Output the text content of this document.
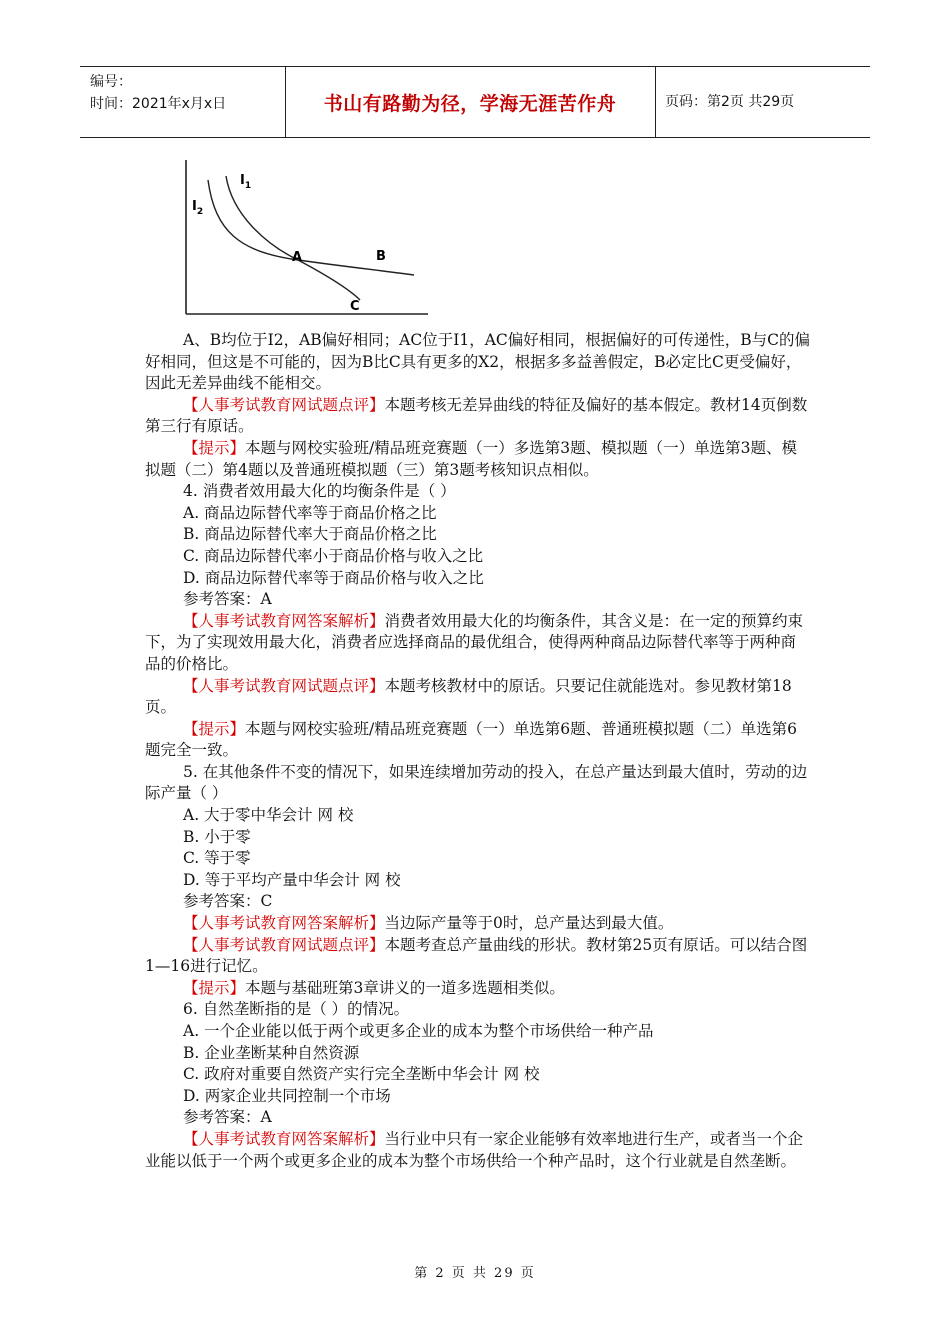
编号：
时间：2021年x月x日	书山有路勤为径，学海无涯苦作舟	页码：第2页 共29页
$I_1$
$I_2$
A	B
C

A、B均位于I2，AB偏好相同；AC位于I1，AC偏好相同，根据偏好的可传递性，B与C的偏好相同，但这是不可能的，因为B比C具有更多的X2，根据多多益善假定，B必定比C更受偏好，因此无差异曲线不能相交。

【人事考试教育网试题点评】本题考核无差异曲线的特征及偏好的基本假定。教材14页倒数第三行有原话。

【提示】本题与网校实验班/精品班竞赛题（一）多选第3题、模拟题（一）单选第3题、模拟题（二）第4题以及普通班模拟题（三）第3题考核知识点相似。

4. 消费者效用最大化的均衡条件是（ ）

A. 商品边际替代率等于商品价格之比

B. 商品边际替代率大于商品价格之比

C. 商品边际替代率小于商品价格与收入之比

D. 商品边际替代率等于商品价格与收入之比

参考答案：A

【人事考试教育网答案解析】消费者效用最大化的均衡条件，其含义是：在一定的预算约束下，为了实现效用最大化，消费者应选择商品的最优组合，使得两种商品边际替代率等于两种商品的价格比。

【人事考试教育网试题点评】本题考核教材中的原话。只要记住就能选对。参见教材第18页。

【提示】本题与网校实验班/精品班竞赛题（一）单选第6题、普通班模拟题（二）单选第6题完全一致。

5. 在其他条件不变的情况下，如果连续增加劳动的投入，在总产量达到最大值时，劳动的边际产量（ ）

A. 大于零中华会计 网 校

B. 小于零

C. 等于零

D. 等于平均产量中华会计 网 校

参考答案：C

【人事考试教育网答案解析】当边际产量等于0时，总产量达到最大值。

【人事考试教育网试题点评】本题考查总产量曲线的形状。教材第25页有原话。可以结合图1—16进行记忆。

【提示】本题与基础班第3章讲义的一道多选题相类似。

6. 自然垄断指的是（ ）的情况。

A. 一个企业能以低于两个或更多企业的成本为整个市场供给一种产品

B. 企业垄断某种自然资源

C. 政府对重要自然资产实行完全垄断中华会计 网 校

D. 两家企业共同控制一个市场

参考答案：A

【人事考试教育网答案解析】当行业中只有一家企业能够有效率地进行生产，或者当一个企业能以低于一个两个或更多企业的成本为整个市场供给一个种产品时，这个行业就是自然垄断。

第 2 页 共 29 页
